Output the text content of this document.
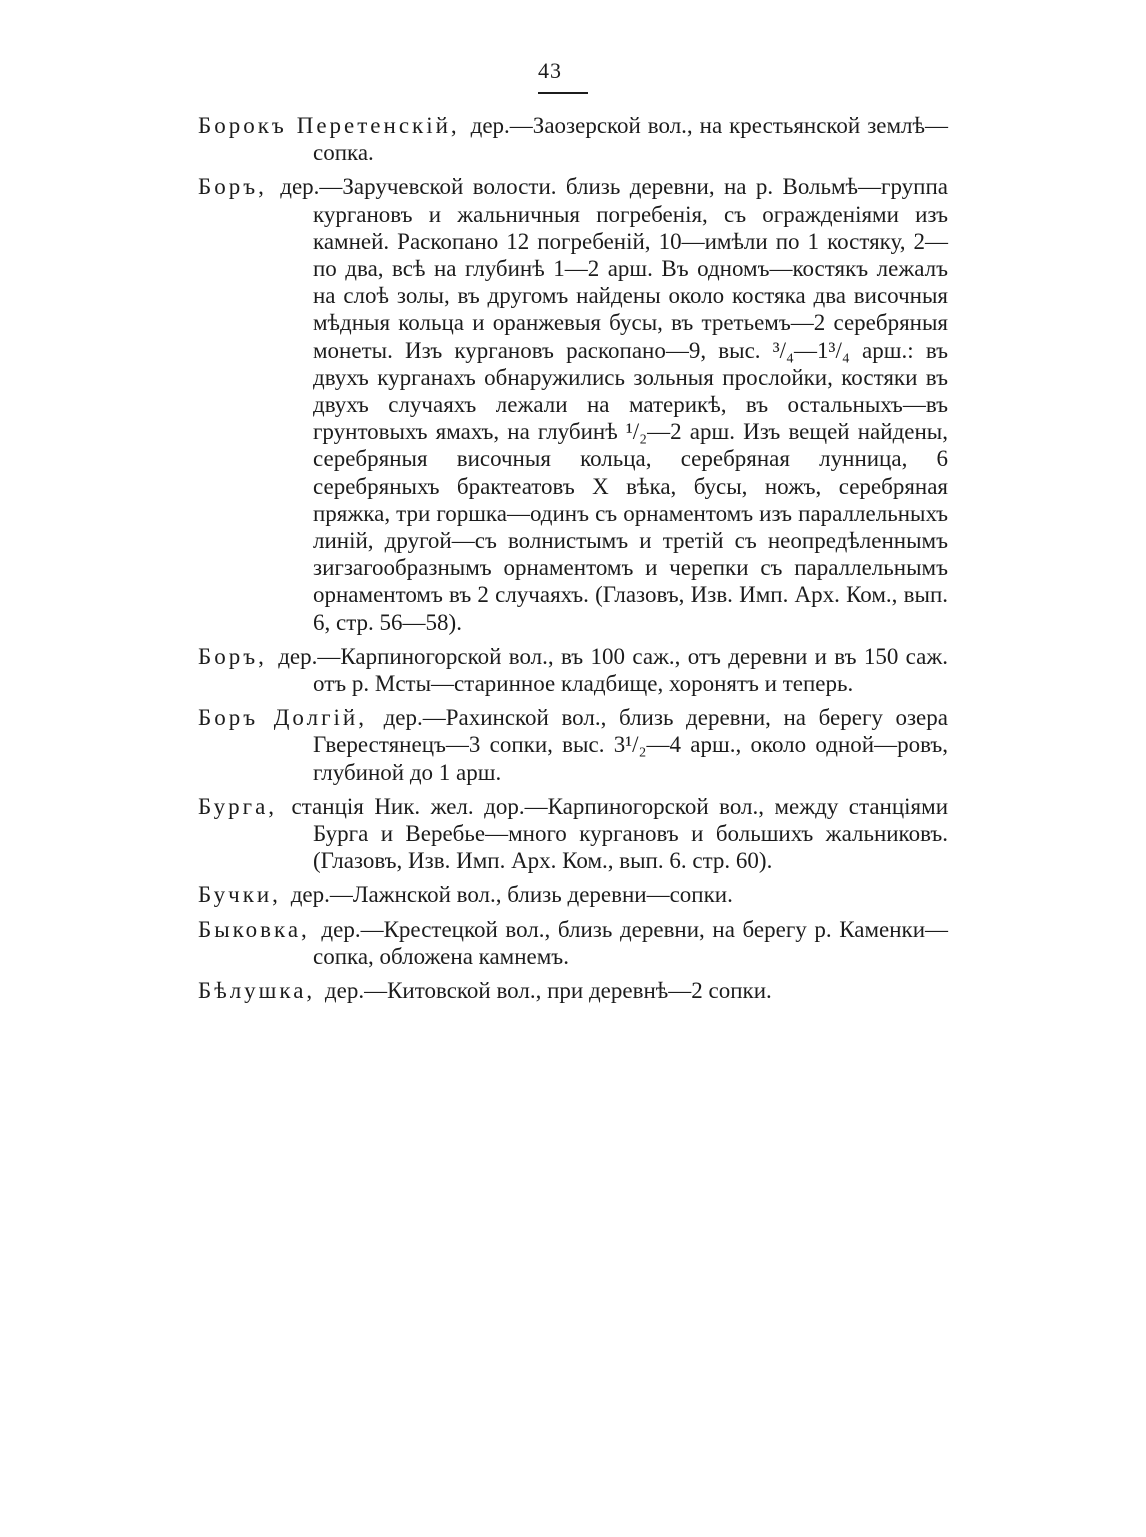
43
Борокъ Перетенскій, дер.—Заозерской вол., на крестьянской землѣ—сопка.
Боръ, дер.—Заручевской волости. близь деревни, на р. Вольмѣ—группа кургановъ и жальничныя погребенія, съ огражденіями изъ камней. Раскопано 12 погребеній, 10—имѣли по 1 костяку, 2—по два, всѣ на глубинѣ 1—2 арш. Въ одномъ—костякъ лежалъ на слоѣ золы, въ другомъ найдены около костяка два височныя мѣдныя кольца и оранжевыя бусы, въ третьемъ—2 серебряныя монеты. Изъ кургановъ раскопано—9, выс. ³/₄—1³/₄ арш.: въ двухъ курганахъ обнаружились зольныя прослойки, костяки въ двухъ случаяхъ лежали на материкѣ, въ остальныхъ—въ грунтовыхъ ямахъ, на глубинѣ ¹/₂—2 арш. Изъ вещей найдены, серебряныя височныя кольца, серебряная лунница, 6 серебряныхъ брактеатовъ X вѣка, бусы, ножъ, серебряная пряжка, три горшка—одинъ съ орнаментомъ изъ параллельныхъ линій, другой—съ волнистымъ и третій съ неопредѣленнымъ зигзагообразнымъ орнаментомъ и черепки съ параллельнымъ орнаментомъ въ 2 случаяхъ. (Глазовъ, Изв. Имп. Арх. Ком., вып. 6, стр. 56—58).
Боръ, дер.—Карпиногорской вол., въ 100 саж., отъ деревни и въ 150 саж. отъ р. Мсты—старинное кладбище, хоронятъ и теперь.
Боръ Долгій, дер.—Рахинской вол., близь деревни, на берегу озера Гверестянецъ—3 сопки, выс. 3¹/₂—4 арш., около одной—ровъ, глубиной до 1 арш.
Бурга, станція Ник. жел. дор.—Карпиногорской вол., между станціями Бурга и Веребье—много кургановъ и большихъ жальниковъ. (Глазовъ, Изв. Имп. Арх. Ком., вып. 6. стр. 60).
Бучки, дер.—Лажнской вол., близь деревни—сопки.
Быковка, дер.—Крестецкой вол., близь деревни, на берегу р. Каменки—сопка, обложена камнемъ.
Бѣлушка, дер.—Китовской вол., при деревнѣ—2 сопки.
